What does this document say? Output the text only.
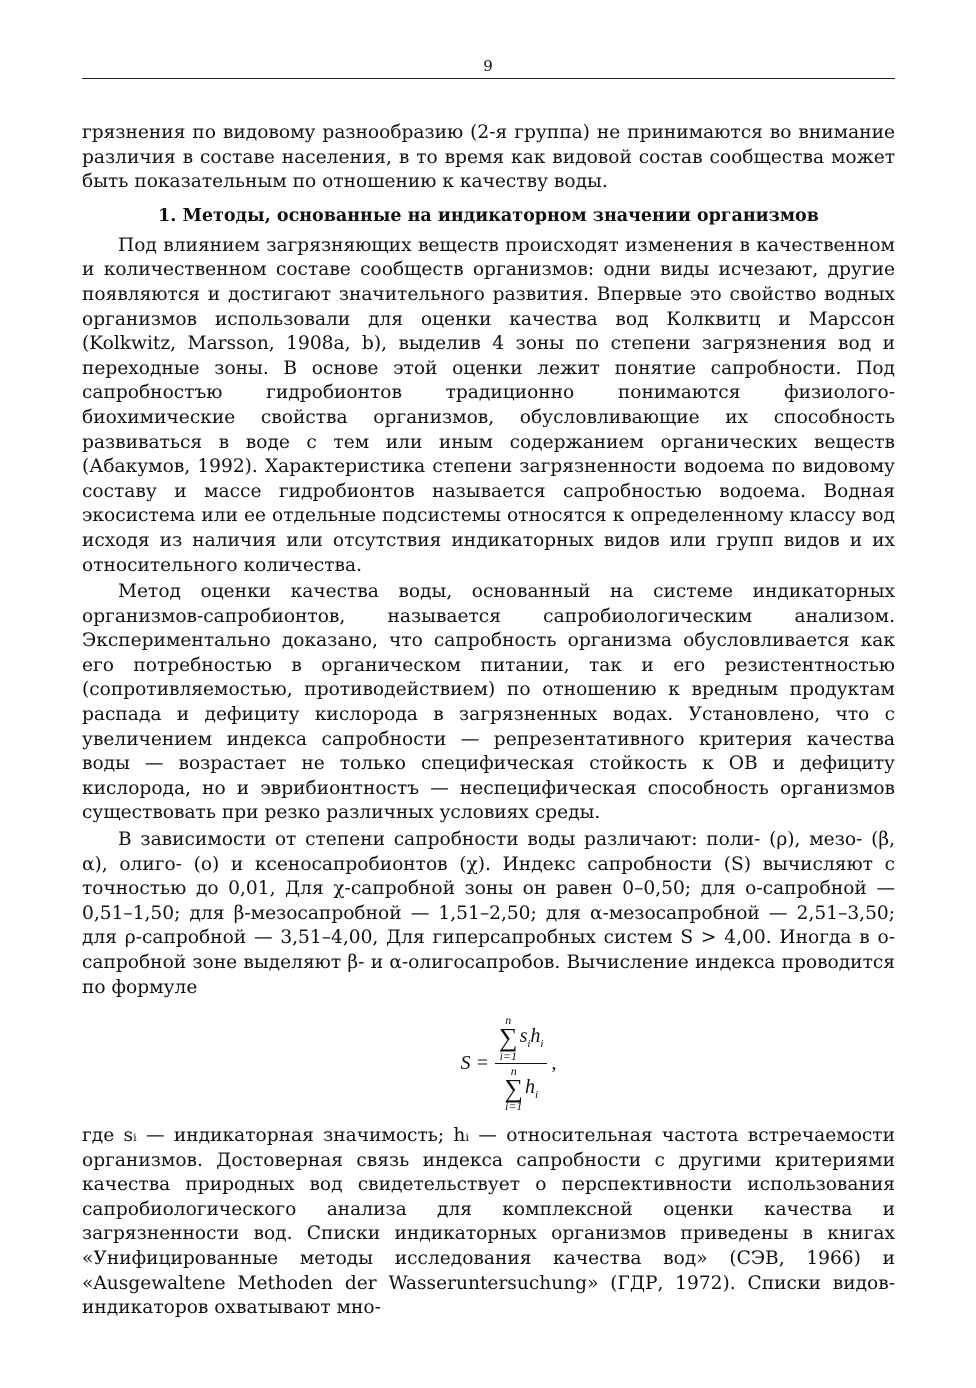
9

грязнения по видовому разнообразию (2-я группа) не принимаются во внимание различия в составе населения, в то время как видовой состав сообщества может быть показательным по отношению к качеству воды.

1. Методы, основанные на индикаторном значении организмов

Под влиянием загрязняющих веществ происходят изменения в качественном и количественном составе сообществ организмов: одни виды исчезают, другие появляются и достигают значительного развития. Впервые это свойство водных организмов использовали для оценки качества вод Колквитц и Марссон (Kolkwitz, Marsson, 1908a, b), выделив 4 зоны по степени загрязнения вод и переходные зоны. В основе этой оценки лежит понятие сапробности. Под сапробностъю гидробионтов традиционно понимаются физиолого-биохимические свойства организмов, обусловливающие их способность развиваться в воде с тем или иным содержанием органических веществ (Абакумов, 1992). Характеристика степени загрязненности водоема по видовому составу и массе гидробионтов называется сапробностью водоема. Водная экосистема или ее отдельные подсистемы относятся к определенному классу вод исходя из наличия или отсутствия индикаторных видов или групп видов и их относительного количества.

Метод оценки качества воды, основанный на системе индикаторных организмов-сапробионтов, называется сапробиологическим анализом. Экспериментально доказано, что сапробность организма обусловливается как его потребностью в органическом питании, так и его резистентностью (сопротивляемостью, противодействием) по отношению к вредным продуктам распада и дефициту кислорода в загрязненных водах. Установлено, что с увеличением индекса сапробности — репрезентативного критерия качества воды — возрастает не только специфическая стойкость к ОВ и дефициту кислорода, но и эврибионтностъ — неспецифическая способность организмов существовать при резко различных условиях среды.

В зависимости от степени сапробности воды различают: поли- (ρ), мезо- (β, α), олиго- (о) и ксеносапробионтов (χ). Индекс сапробности (S) вычисляют с точностью до 0,01, Для χ-сапробной зоны он равен 0–0,50; для о-сапробной — 0,51–1,50; для β-мезосапробной — 1,51–2,50; для α-мезосапробной — 2,51–3,50; для ρ-сапробной — 3,51–4,00, Для гиперсапробных систем S > 4,00. Иногда в о-сапробной зоне выделяют β- и α-олигосапробов. Вычисление индекса проводится по формуле

S =
n
∑
i=1
$s_ih_i$
n
∑
i=1
$h_i$
,

где sᵢ — индикаторная значимость; hᵢ — относительная частота встречаемости организмов. Достоверная связь индекса сапробности с другими критериями качества природных вод свидетельствует о перспективности использования сапробиологического анализа для комплексной оценки качества и загрязненности вод. Списки индикаторных организмов приведены в книгах «Унифицированные методы исследования качества вод» (СЭВ, 1966) и «Ausgewaltene Methoden der Wasseruntersuchung» (ГДР, 1972). Списки видов-индикаторов охватывают мно-
